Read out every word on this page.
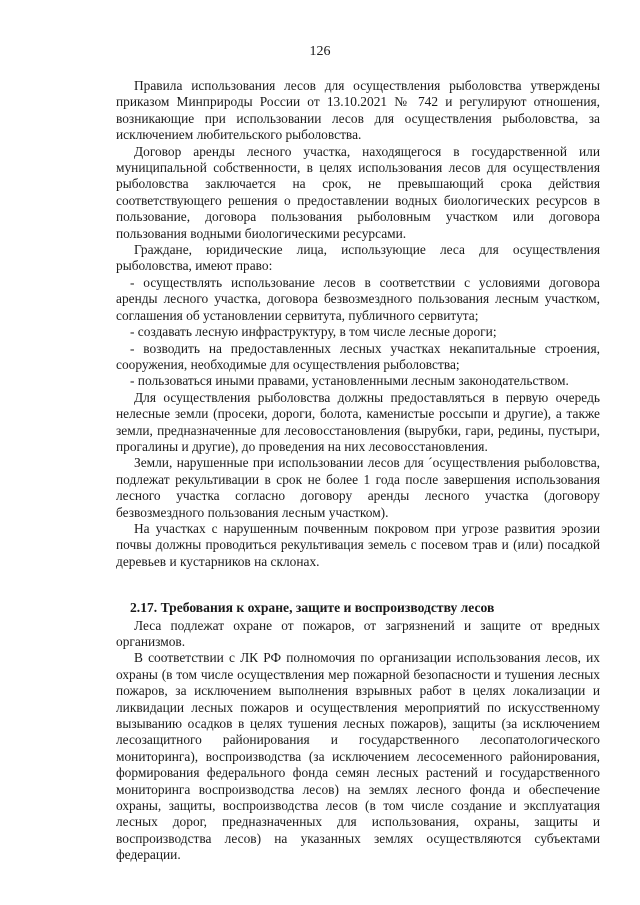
126

Правила использования лесов для осуществления рыболовства утверждены приказом Минприроды России от 13.10.2021 № 742 и регулируют отношения, возникающие при использовании лесов для осуществления рыболовства, за исключением любительского рыболовства.

Договор аренды лесного участка, находящегося в государственной или муниципальной собственности, в целях использования лесов для осуществления рыболовства заключается на срок, не превышающий срока действия соответствующего решения о предоставлении водных биологических ресурсов в пользование, договора пользования рыболовным участком или договора пользования водными биологическими ресурсами.

Граждане, юридические лица, использующие леса для осуществления рыболовства, имеют право:

- осуществлять использование лесов в соответствии с условиями договора аренды лесного участка, договора безвозмездного пользования лесным участком, соглашения об установлении сервитута, публичного сервитута;

- создавать лесную инфраструктуру, в том числе лесные дороги;

- возводить на предоставленных лесных участках некапитальные строения, сооружения, необходимые для осуществления рыболовства;

- пользоваться иными правами, установленными лесным законодательством.

Для осуществления рыболовства должны предоставляться в первую очередь нелесные земли (просеки, дороги, болота, каменистые россыпи и другие), а также земли, предназначенные для лесовосстановления (вырубки, гари, редины, пустыри, прогалины и другие), до проведения на них лесовосстановления.

Земли, нарушенные при использовании лесов для ´осуществления рыболовства, подлежат рекультивации в срок не более 1 года после завершения использования лесного участка согласно договору аренды лесного участка (договору безвозмездного пользования лесным участком).

На участках с нарушенным почвенным покровом при угрозе развития эрозии почвы должны проводиться рекультивация земель с посевом трав и (или) посадкой деревьев и кустарников на склонах.

2.17. Требования к охране, защите и воспроизводству лесов

Леса подлежат охране от пожаров, от загрязнений и защите от вредных организмов.

В соответствии с ЛК РФ полномочия по организации использования лесов, их охраны (в том числе осуществления мер пожарной безопасности и тушения лесных пожаров, за исключением выполнения взрывных работ в целях локализации и ликвидации лесных пожаров и осуществления мероприятий по искусственному вызыванию осадков в целях тушения лесных пожаров), защиты (за исключением лесозащитного районирования и государственного лесопатологического мониторинга), воспроизводства (за исключением лесосеменного районирования, формирования федерального фонда семян лесных растений и государственного мониторинга воспроизводства лесов) на землях лесного фонда и обеспечение охраны, защиты, воспроизводства лесов (в том числе создание и эксплуатация лесных дорог, предназначенных для использования, охраны, защиты и воспроизводства лесов) на указанных землях осуществляются субъектами федерации.
